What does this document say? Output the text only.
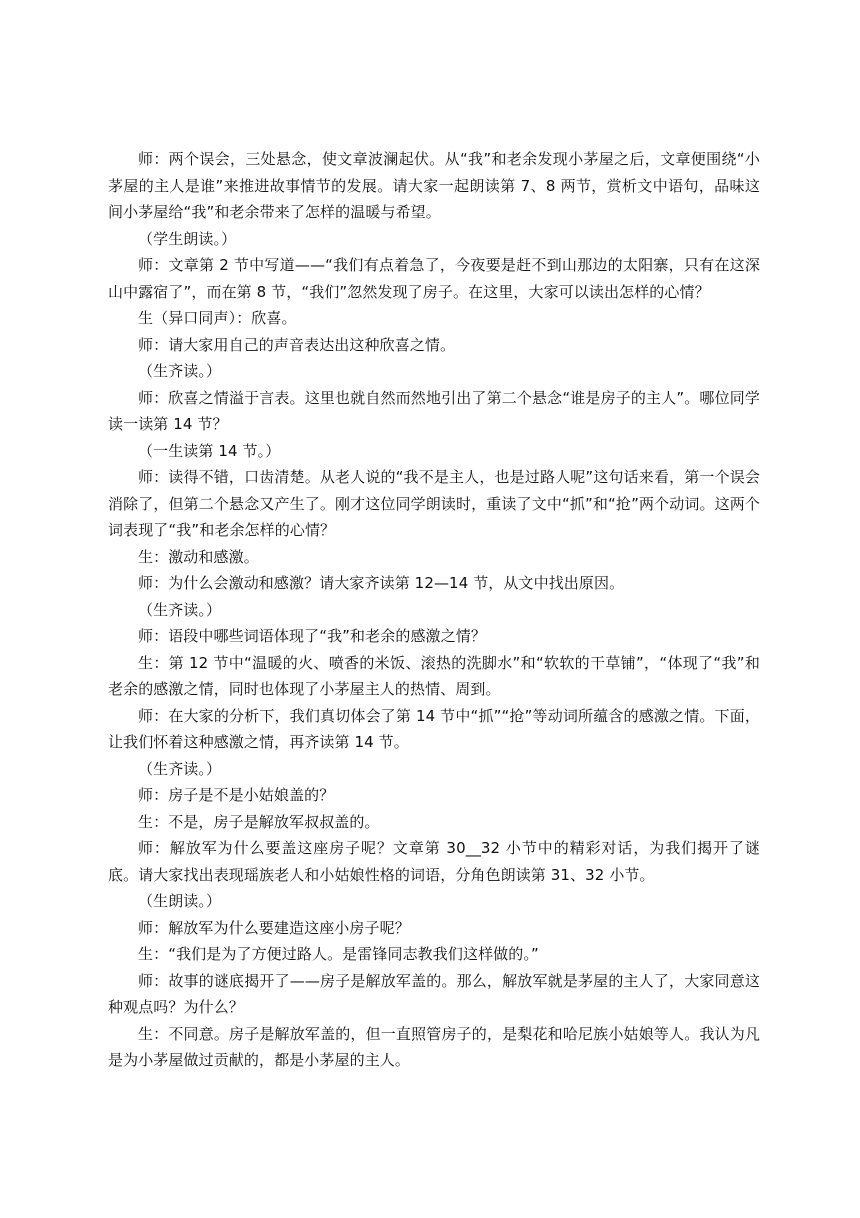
师：两个误会，三处悬念，使文章波澜起伏。从“我”和老余发现小茅屋之后，文章便围绕“小茅屋的主人是谁”来推进故事情节的发展。请大家一起朗读第 7、8 两节，赏析文中语句，品味这间小茅屋给“我”和老余带来了怎样的温暖与希望。

（学生朗读。）

师：文章第 2 节中写道——“我们有点着急了，今夜要是赶不到山那边的太阳寨，只有在这深山中露宿了”，而在第 8 节，“我们”忽然发现了房子。在这里，大家可以读出怎样的心情？

生（异口同声）：欣喜。

师：请大家用自己的声音表达出这种欣喜之情。

（生齐读。）

师：欣喜之情溢于言表。这里也就自然而然地引出了第二个悬念“谁是房子的主人”。哪位同学读一读第 14 节？

（一生读第 14 节。）

师：读得不错，口齿清楚。从老人说的“我不是主人，也是过路人呢”这句话来看，第一个误会消除了，但第二个悬念又产生了。刚才这位同学朗读时，重读了文中“抓”和“抢”两个动词。这两个词表现了“我”和老余怎样的心情？

生：激动和感激。

师：为什么会激动和感激？请大家齐读第 12—14 节，从文中找出原因。

（生齐读。）

师：语段中哪些词语体现了“我”和老余的感激之情？

生：第 12 节中“温暖的火、喷香的米饭、滚热的洗脚水”和“软软的干草铺”，“体现了“我”和老余的感激之情，同时也体现了小茅屋主人的热情、周到。

师：在大家的分析下，我们真切体会了第 14 节中“抓”“抢”等动词所蕴含的感激之情。下面，让我们怀着这种感激之情，再齐读第 14 节。

（生齐读。）

师：房子是不是小姑娘盖的？

生：不是，房子是解放军叔叔盖的。

师：解放军为什么要盖这座房子呢？文章第 30__32 小节中的精彩对话，为我们揭开了谜底。请大家找出表现瑶族老人和小姑娘性格的词语，分角色朗读第 31、32 小节。

（生朗读。）

师：解放军为什么要建造这座小房子呢？

生：“我们是为了方便过路人。是雷锋同志教我们这样做的。”

师：故事的谜底揭开了——房子是解放军盖的。那么，解放军就是茅屋的主人了，大家同意这种观点吗？为什么？

生：不同意。房子是解放军盖的，但一直照管房子的，是梨花和哈尼族小姑娘等人。我认为凡是为小茅屋做过贡献的，都是小茅屋的主人。
